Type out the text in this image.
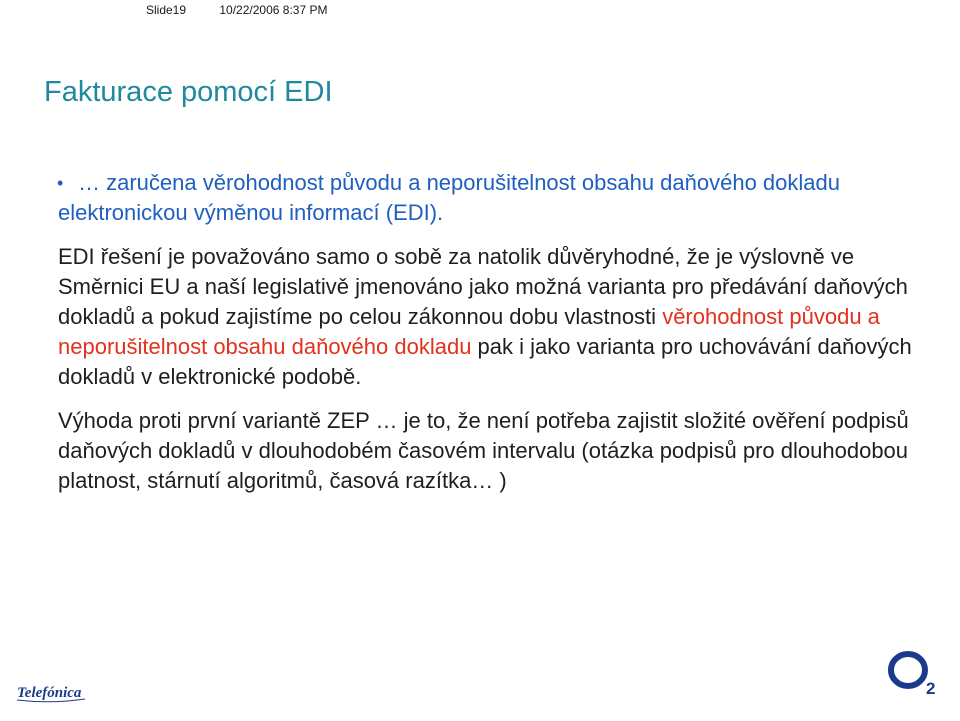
Slide19	10/22/2006 8:37 PM
Fakturace pomocí EDI
• … zaručena věrohodnost původu a neporušitelnost obsahu daňového dokladu elektronickou výměnou informací (EDI).

EDI řešení je považováno samo o sobě za natolik důvěryhodné, že je výslovně ve Směrnici EU a naší legislativě jmenováno jako možná varianta pro předávání daňových dokladů a pokud zajistíme po celou zákonnou dobu vlastnosti věrohodnost původu a neporušitelnost obsahu daňového dokladu pak i jako varianta pro uchovávání daňových dokladů v elektronické podobě.

Výhoda proti první variantě ZEP … je to, že není potřeba zajistit složité ověření podpisů daňových dokladů v dlouhodobém časovém intervalu (otázka podpisů pro dlouhodobou platnost, stárnutí algoritmů, časová razítka… )

Telefónica	2
